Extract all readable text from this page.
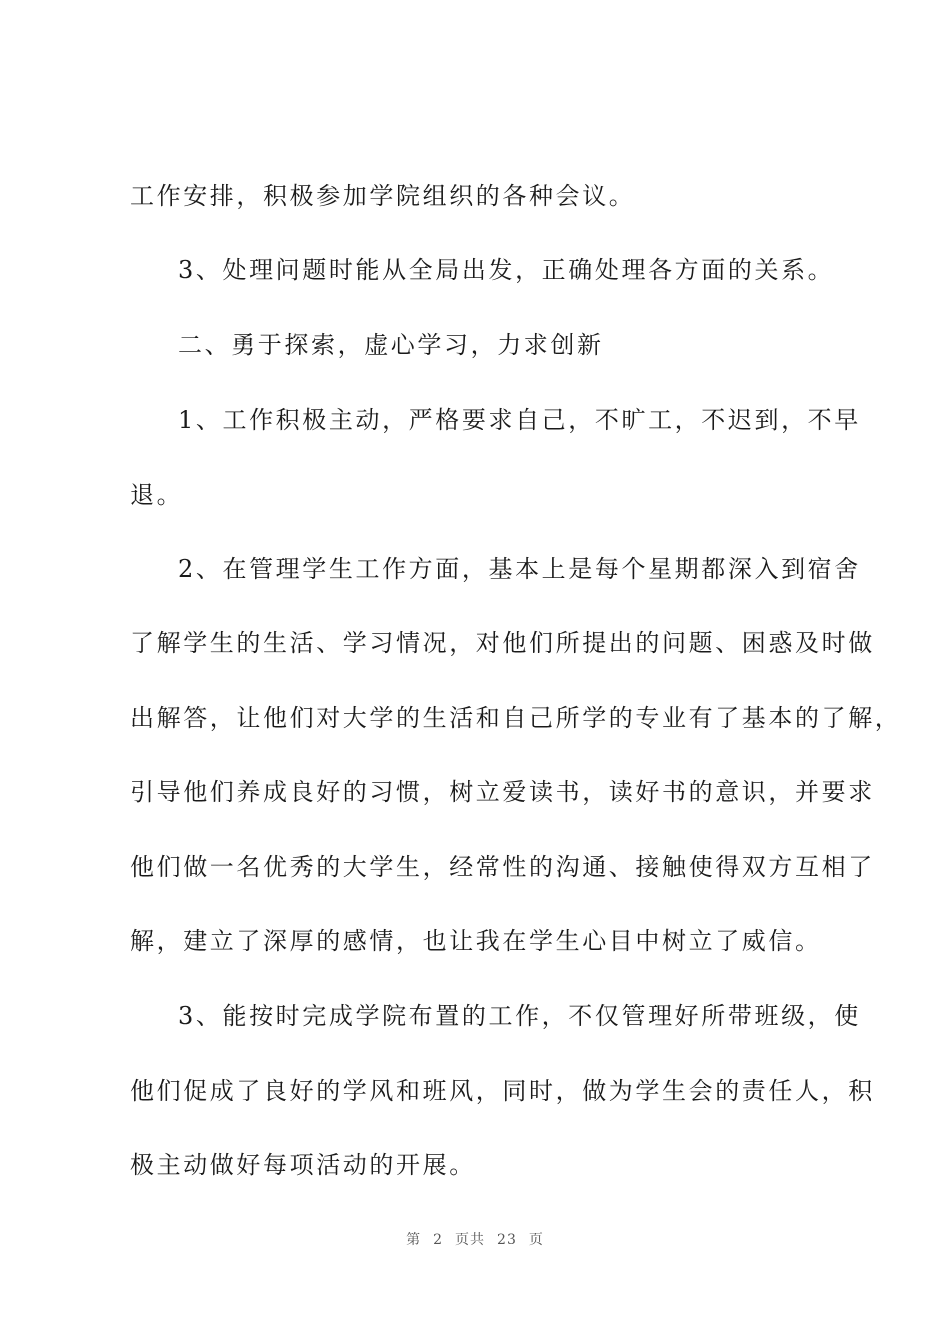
工作安排，积极参加学院组织的各种会议。
3、处理问题时能从全局出发，正确处理各方面的关系。
二、勇于探索，虚心学习，力求创新
1、工作积极主动，严格要求自己，不旷工，不迟到，不早
退。
2、在管理学生工作方面，基本上是每个星期都深入到宿舍
了解学生的生活、学习情况，对他们所提出的问题、困惑及时做
出解答，让他们对大学的生活和自己所学的专业有了基本的了解，
引导他们养成良好的习惯，树立爱读书，读好书的意识，并要求
他们做一名优秀的大学生，经常性的沟通、接触使得双方互相了
解，建立了深厚的感情，也让我在学生心目中树立了威信。
3、能按时完成学院布置的工作，不仅管理好所带班级，使
他们促成了良好的学风和班风，同时，做为学生会的责任人，积
极主动做好每项活动的开展。
第 2 页共 23 页
